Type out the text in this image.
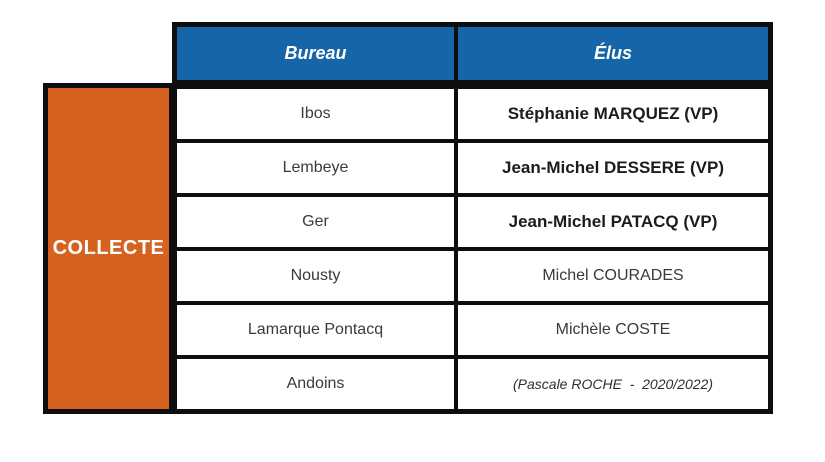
COLLECTE
Bureau	Élus
Ibos	Stéphanie MARQUEZ (VP)
Lembeye	Jean-Michel DESSERE (VP)
Ger	Jean-Michel PATACQ (VP)
Nousty	Michel COURADES
Lamarque Pontacq	Michèle COSTE
Andoins	(Pascale ROCHE  -  2020/2022)
